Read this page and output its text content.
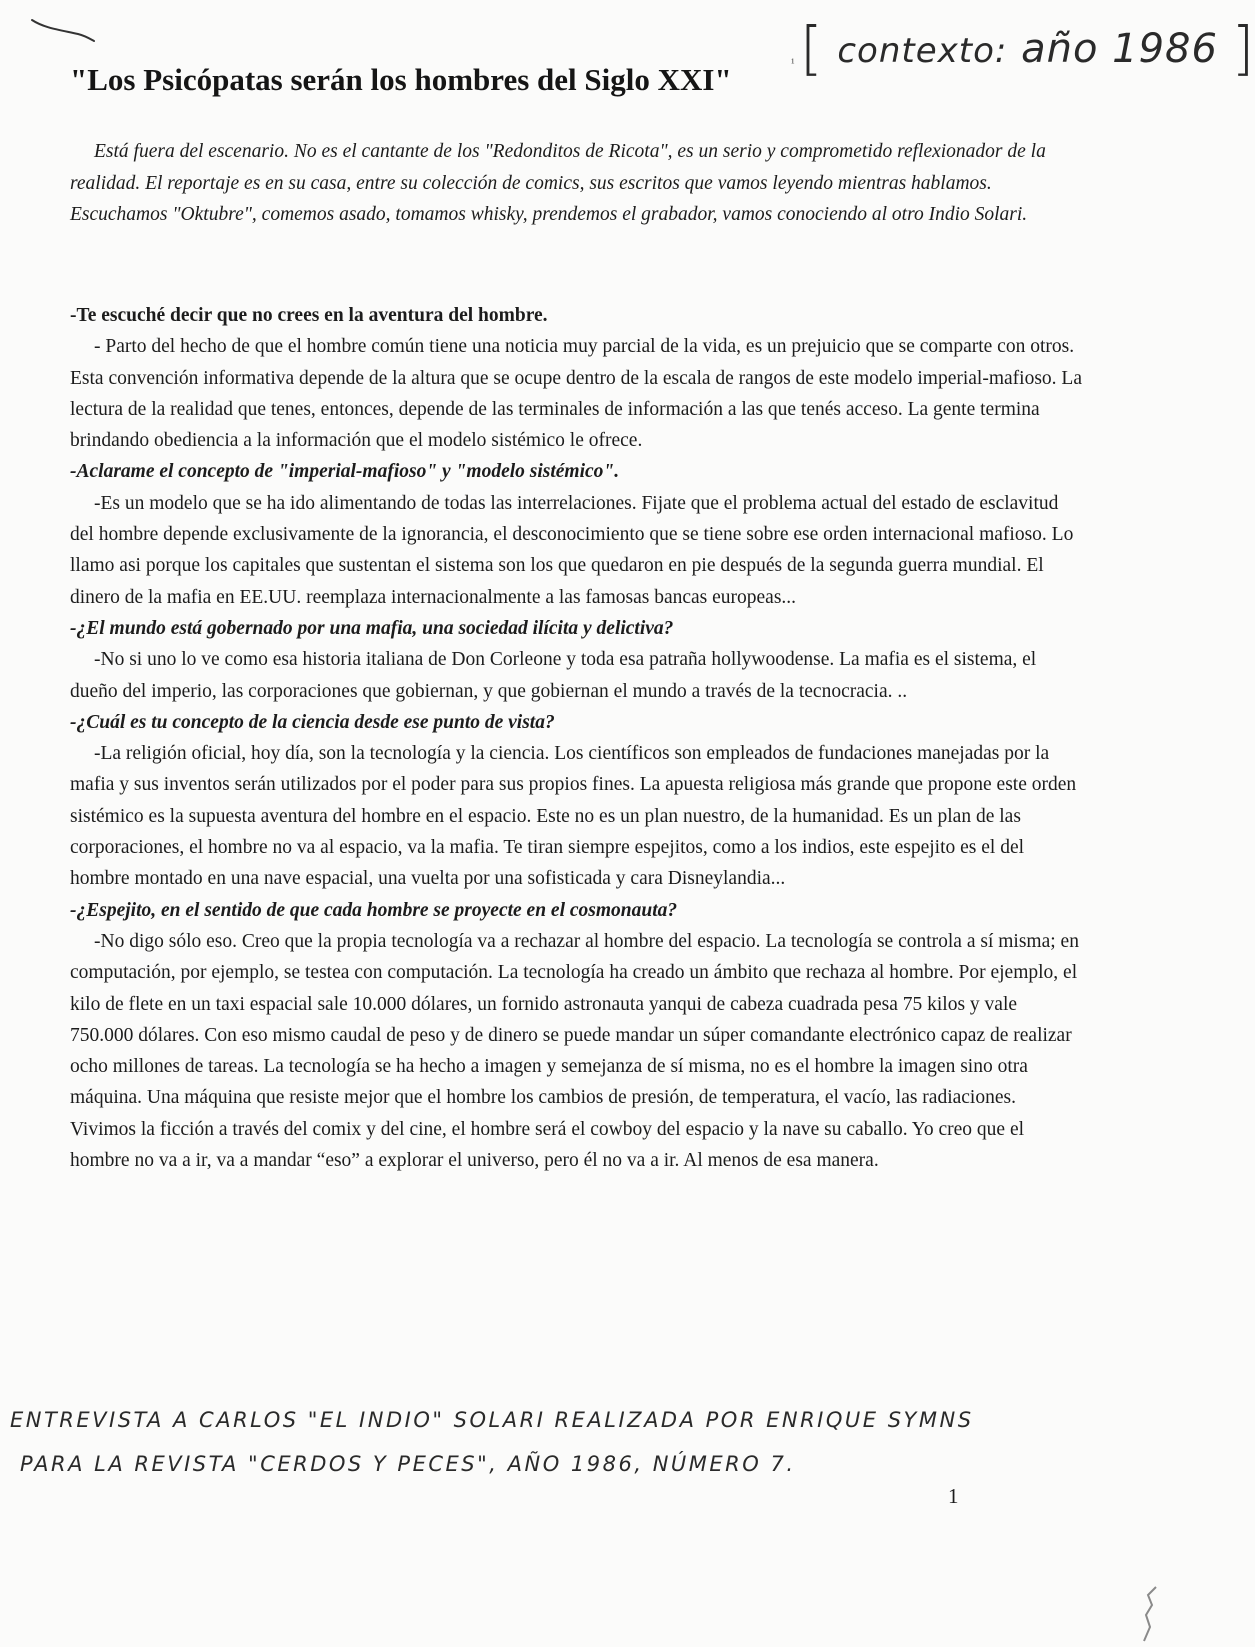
¹ [ contexto: año 1986 ]
"Los Psicópatas serán los hombres del Siglo XXI"

Está fuera del escenario. No es el cantante de los "Redonditos de Ricota", es un serio y comprometido reflexionador de la realidad. El reportaje es en su casa, entre su colección de comics, sus escritos que vamos leyendo mientras hablamos. Escuchamos "Oktubre", comemos asado, tomamos whisky, prendemos el grabador, vamos conociendo al otro Indio Solari.

-Te escuché decir que no crees en la aventura del hombre.

- Parto del hecho de que el hombre común tiene una noticia muy parcial de la vida, es un prejuicio que se comparte con otros. Esta convención informativa depende de la altura que se ocupe dentro de la escala de rangos de este modelo imperial-mafioso. La lectura de la realidad que tenes, entonces, depende de las terminales de información a las que tenés acceso. La gente termina brindando obediencia a la información que el modelo sistémico le ofrece.

-Aclarame el concepto de "imperial-mafioso" y "modelo sistémico".

-Es un modelo que se ha ido alimentando de todas las interrelaciones. Fijate que el problema actual del estado de esclavitud del hombre depende exclusivamente de la ignorancia, el desconocimiento que se tiene sobre ese orden internacional mafioso. Lo llamo asi porque los capitales que sustentan el sistema son los que quedaron en pie después de la segunda guerra mundial. El dinero de la mafia en EE.UU. reemplaza internacionalmente a las famosas bancas europeas...

-¿El mundo está gobernado por una mafia, una sociedad ilícita y delictiva?

-No si uno lo ve como esa historia italiana de Don Corleone y toda esa patraña hollywoodense. La mafia es el sistema, el dueño del imperio, las corporaciones que gobiernan, y que gobiernan el mundo a través de la tecnocracia. ..

-¿Cuál es tu concepto de la ciencia desde ese punto de vista?

-La religión oficial, hoy día, son la tecnología y la ciencia. Los científicos son empleados de fundaciones manejadas por la mafia y sus inventos serán utilizados por el poder para sus propios fines. La apuesta religiosa más grande que propone este orden sistémico es la supuesta aventura del hombre en el espacio. Este no es un plan nuestro, de la humanidad. Es un plan de las corporaciones, el hombre no va al espacio, va la mafia. Te tiran siempre espejitos, como a los indios, este espejito es el del hombre montado en una nave espacial, una vuelta por una sofisticada y cara Disneylandia...

-¿Espejito, en el sentido de que cada hombre se proyecte en el cosmonauta?

-No digo sólo eso. Creo que la propia tecnología va a rechazar al hombre del espacio. La tecnología se controla a sí misma; en computación, por ejemplo, se testea con computación. La tecnología ha creado un ámbito que rechaza al hombre. Por ejemplo, el kilo de flete en un taxi espacial sale 10.000 dólares, un fornido astronauta yanqui de cabeza cuadrada pesa 75 kilos y vale 750.000 dólares. Con eso mismo caudal de peso y de dinero se puede mandar un súper comandante electrónico capaz de realizar ocho millones de tareas. La tecnología se ha hecho a imagen y semejanza de sí misma, no es el hombre la imagen sino otra máquina. Una máquina que resiste mejor que el hombre los cambios de presión, de temperatura, el vacío, las radiaciones. Vivimos la ficción a través del comix y del cine, el hombre será el cowboy del espacio y la nave su caballo. Yo creo que el hombre no va a ir, va a mandar “eso” a explorar el universo, pero él no va a ir. Al menos de esa manera.

ENTREVISTA A CARLOS "EL INDIO" SOLARI REALIZADA POR ENRIQUE SYMNS

PARA LA REVISTA "CERDOS Y PECES", AÑO 1986, NÚMERO 7.

1
